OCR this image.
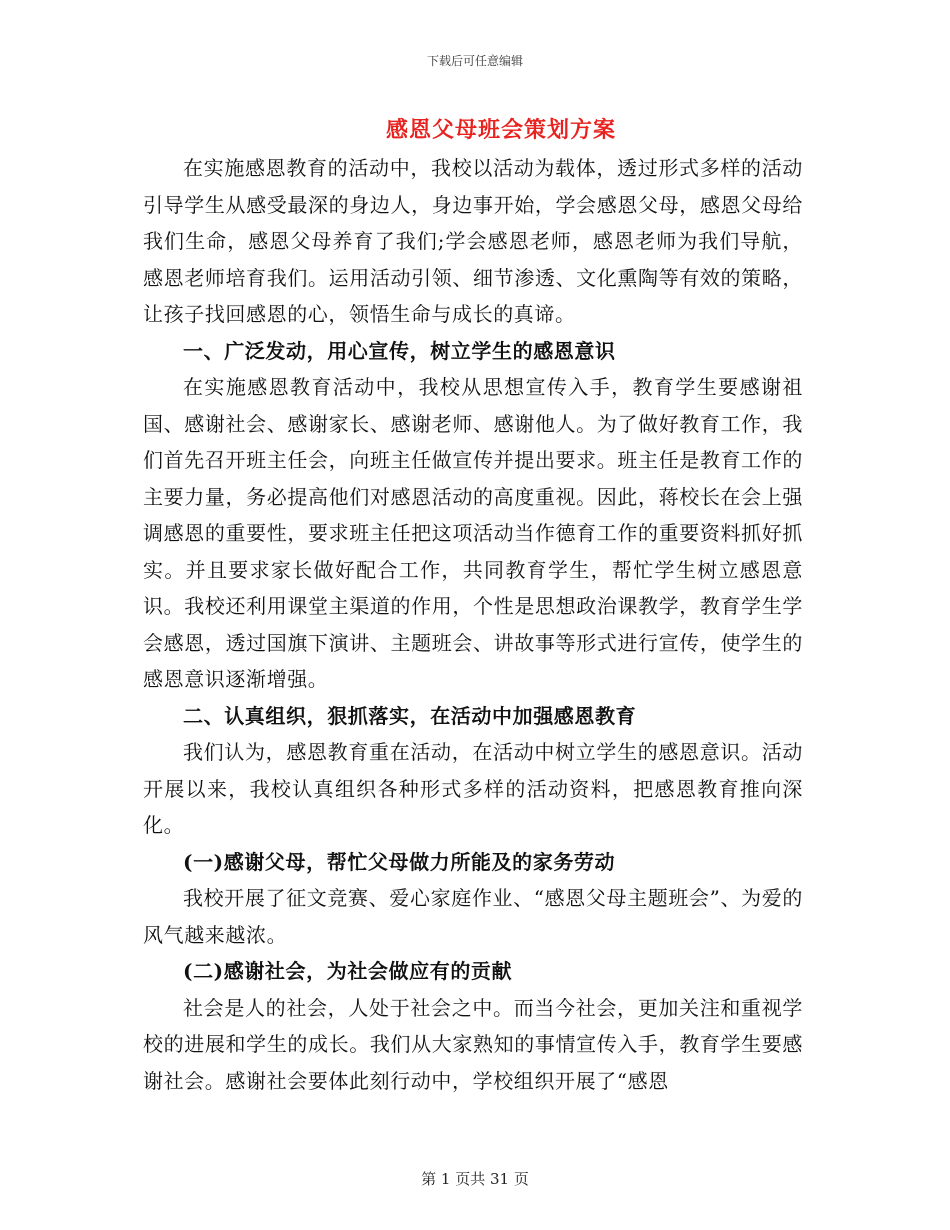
下载后可任意编辑
感恩父母班会策划方案

在实施感恩教育的活动中，我校以活动为载体，透过形式多样的活动引导学生从感受最深的身边人，身边事开始，学会感恩父母，感恩父母给我们生命，感恩父母养育了我们;学会感恩老师，感恩老师为我们导航，感恩老师培育我们。运用活动引领、细节渗透、文化熏陶等有效的策略，让孩子找回感恩的心，领悟生命与成长的真谛。

一、广泛发动，用心宣传，树立学生的感恩意识

在实施感恩教育活动中，我校从思想宣传入手，教育学生要感谢祖国、感谢社会、感谢家长、感谢老师、感谢他人。为了做好教育工作，我们首先召开班主任会，向班主任做宣传并提出要求。班主任是教育工作的主要力量，务必提高他们对感恩活动的高度重视。因此，蒋校长在会上强调感恩的重要性，要求班主任把这项活动当作德育工作的重要资料抓好抓实。并且要求家长做好配合工作，共同教育学生，帮忙学生树立感恩意识。我校还利用课堂主渠道的作用，个性是思想政治课教学，教育学生学会感恩，透过国旗下演讲、主题班会、讲故事等形式进行宣传，使学生的感恩意识逐渐增强。

二、认真组织，狠抓落实，在活动中加强感恩教育

我们认为，感恩教育重在活动，在活动中树立学生的感恩意识。活动开展以来，我校认真组织各种形式多样的活动资料，把感恩教育推向深化。

(一)感谢父母，帮忙父母做力所能及的家务劳动

我校开展了征文竞赛、爱心家庭作业、“感恩父母主题班会”、为爱的风气越来越浓。

(二)感谢社会，为社会做应有的贡献

社会是人的社会，人处于社会之中。而当今社会，更加关注和重视学校的进展和学生的成长。我们从大家熟知的事情宣传入手，教育学生要感谢社会。感谢社会要体此刻行动中，学校组织开展了“感恩

第 1 页共 31 页
